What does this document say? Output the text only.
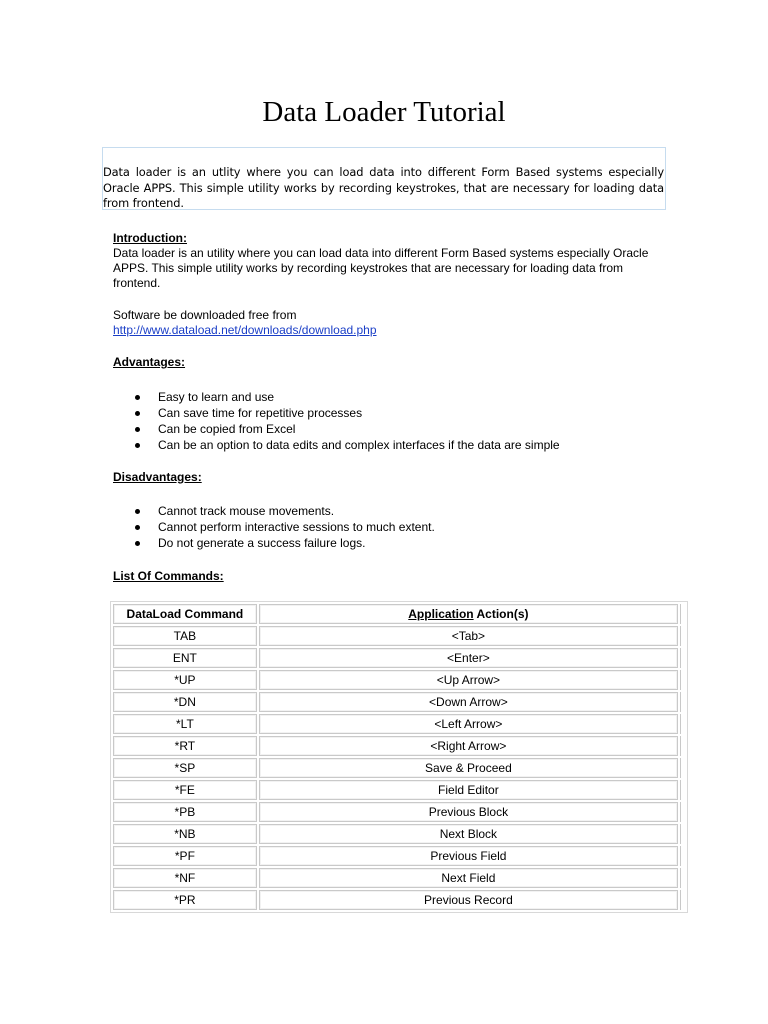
Data Loader Tutorial
Data loader is an utlity where you can load data into different Form Based systems especially Oracle APPS. This simple utility works by recording keystrokes, that are necessary for loading data from frontend.
Introduction:
Data loader is an utility where you can load data into different Form Based systems especially Oracle APPS. This simple utility works by recording keystrokes that are necessary for loading data from frontend.
Software be downloaded free from
http://www.dataload.net/downloads/download.php
Advantages:
Easy to learn and use
Can save time for repetitive processes
Can be copied from Excel
Can be an option to data edits and complex interfaces if the data are simple
Disadvantages:
Cannot track mouse movements.
Cannot perform interactive sessions to much extent.
Do not generate a success failure logs.
List Of Commands:
DataLoad Command	Application Action(s)	
TAB	<Tab>	
ENT	<Enter>	
*UP	<Up Arrow>	
*DN	<Down Arrow>	
*LT	<Left Arrow>	
*RT	<Right Arrow>	
*SP	Save & Proceed	
*FE	Field Editor	
*PB	Previous Block	
*NB	Next Block	
*PF	Previous Field	
*NF	Next Field	
*PR	Previous Record	
